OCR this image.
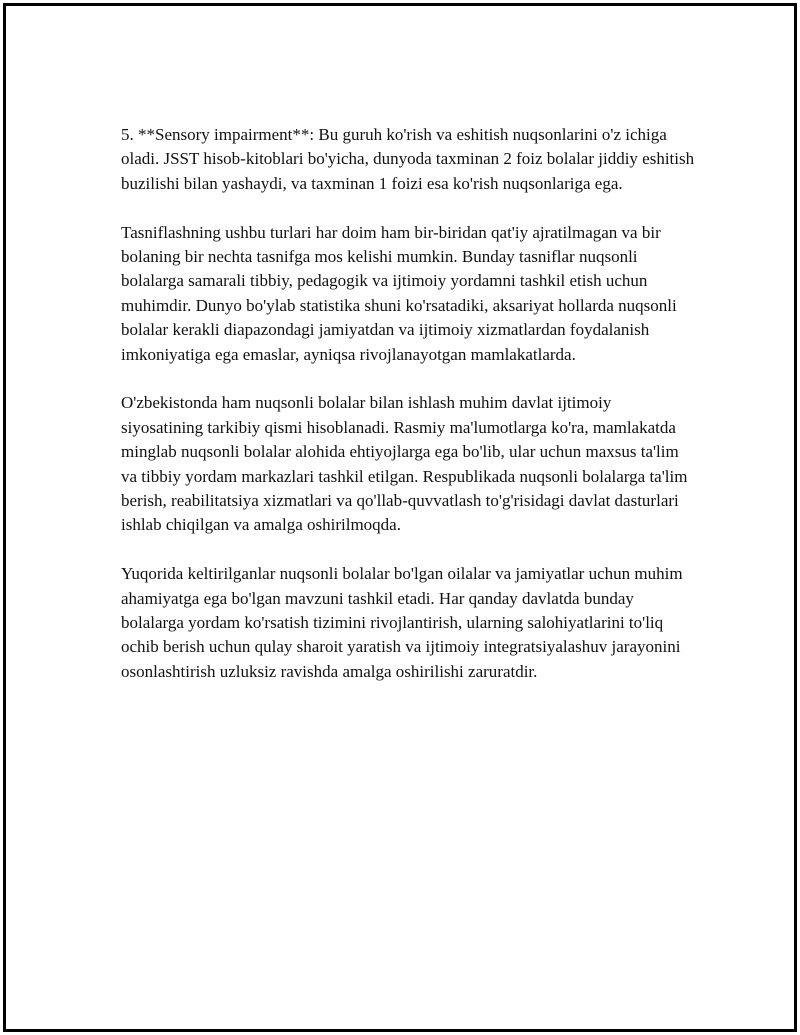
5. **Sensory impairment**: Bu guruh ko'rish va eshitish nuqsonlarini o'z ichiga oladi. JSST hisob-kitoblari bo'yicha, dunyoda taxminan 2 foiz bolalar jiddiy eshitish buzilishi bilan yashaydi, va taxminan 1 foizi esa ko'rish nuqsonlariga ega.

Tasniflashning ushbu turlari har doim ham bir-biridan qat'iy ajratilmagan va bir bolaning bir nechta tasnifga mos kelishi mumkin. Bunday tasniflar nuqsonli bolalarga samarali tibbiy, pedagogik va ijtimoiy yordamni tashkil etish uchun muhimdir. Dunyo bo'ylab statistika shuni ko'rsatadiki, aksariyat hollarda nuqsonli bolalar kerakli diapazondagi jamiyatdan va ijtimoiy xizmatlardan foydalanish imkoniyatiga ega emaslar, ayniqsa rivojlanayotgan mamlakatlarda.

O'zbekistonda ham nuqsonli bolalar bilan ishlash muhim davlat ijtimoiy siyosatining tarkibiy qismi hisoblanadi. Rasmiy ma'lumotlarga ko'ra, mamlakatda minglab nuqsonli bolalar alohida ehtiyojlarga ega bo'lib, ular uchun maxsus ta'lim va tibbiy yordam markazlari tashkil etilgan. Respublikada nuqsonli bolalarga ta'lim berish, reabilitatsiya xizmatlari va qo'llab-quvvatlash to'g'risidagi davlat dasturlari ishlab chiqilgan va amalga oshirilmoqda.

Yuqorida keltirilganlar nuqsonli bolalar bo'lgan oilalar va jamiyatlar uchun muhim ahamiyatga ega bo'lgan mavzuni tashkil etadi. Har qanday davlatda bunday bolalarga yordam ko'rsatish tizimini rivojlantirish, ularning salohiyatlarini to'liq ochib berish uchun qulay sharoit yaratish va ijtimoiy integratsiyalashuv jarayonini osonlashtirish uzluksiz ravishda amalga oshirilishi zaruratdir.
